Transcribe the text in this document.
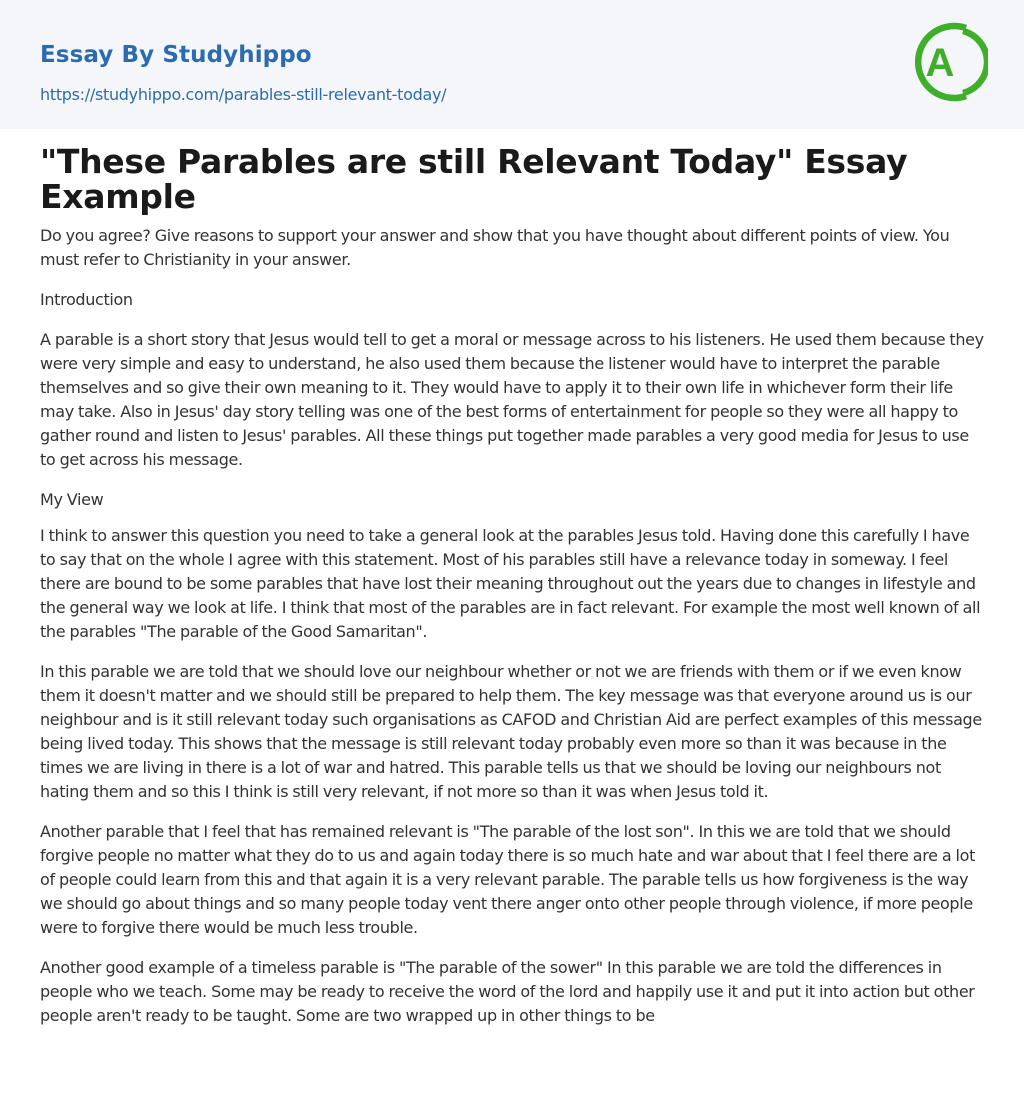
Essay By Studyhippo
https://studyhippo.com/parables-still-relevant-today/
A
"These Parables are still Relevant Today" Essay Example

Do you agree? Give reasons to support your answer and show that you have thought about different points of view. You must refer to Christianity in your answer.

Introduction

A parable is a short story that Jesus would tell to get a moral or message across to his listeners. He used them because they were very simple and easy to understand, he also used them because the listener would have to interpret the parable themselves and so give their own meaning to it. They would have to apply it to their own life in whichever form their life may take. Also in Jesus' day story telling was one of the best forms of entertainment for people so they were all happy to gather round and listen to Jesus' parables. All these things put together made parables a very good media for Jesus to use to get across his message.

My View

I think to answer this question you need to take a general look at the parables Jesus told. Having done this carefully I have to say that on the whole I agree with this statement. Most of his parables still have a relevance today in someway. I feel there are bound to be some parables that have lost their meaning throughout out the years due to changes in lifestyle and the general way we look at life. I think that most of the parables are in fact relevant. For example the most well known of all the parables "The parable of the Good Samaritan".

In this parable we are told that we should love our neighbour whether or not we are friends with them or if we even know them it doesn't matter and we should still be prepared to help them. The key message was that everyone around us is our neighbour and is it still relevant today such organisations as CAFOD and Christian Aid are perfect examples of this message being lived today. This shows that the message is still relevant today probably even more so than it was because in the times we are living in there is a lot of war and hatred. This parable tells us that we should be loving our neighbours not hating them and so this I think is still very relevant, if not more so than it was when Jesus told it.

Another parable that I feel that has remained relevant is "The parable of the lost son". In this we are told that we should forgive people no matter what they do to us and again today there is so much hate and war about that I feel there are a lot of people could learn from this and that again it is a very relevant parable. The parable tells us how forgiveness is the way we should go about things and so many people today vent there anger onto other people through violence, if more people were to forgive there would be much less trouble.

Another good example of a timeless parable is "The parable of the sower" In this parable we are told the differences in people who we teach. Some may be ready to receive the word of the lord and happily use it and put it into action but other people aren't ready to be taught. Some are two wrapped up in other things to be
